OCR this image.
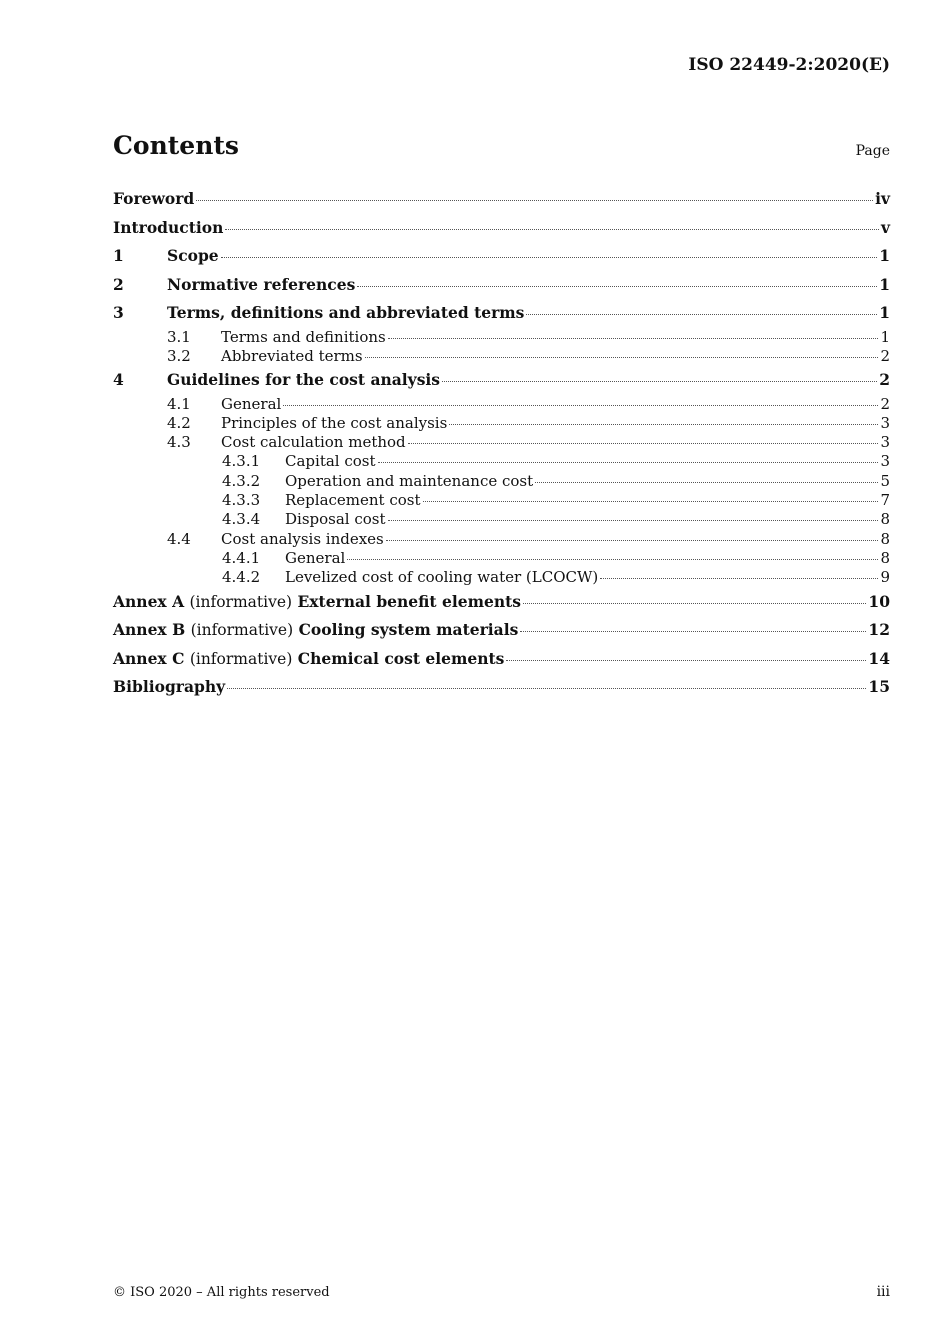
ISO 22449-2:2020(E)
Contents	Page
Foreword	iv
Introduction	v
1	Scope	1
2	Normative references	1
3	Terms, definitions and abbreviated terms	1
3.1	Terms and definitions	1
3.2	Abbreviated terms	2
4	Guidelines for the cost analysis	2
4.1	General	2
4.2	Principles of the cost analysis	3
4.3	Cost calculation method	3
4.3.1	Capital cost	3
4.3.2	Operation and maintenance cost	5
4.3.3	Replacement cost	7
4.3.4	Disposal cost	8
4.4	Cost analysis indexes	8
4.4.1	General	8
4.4.2	Levelized cost of cooling water (LCOCW)	9
Annex A (informative) External benefit elements	10
Annex B (informative) Cooling system materials	12
Annex C (informative) Chemical cost elements	14
Bibliography	15
© ISO 2020 – All rights reserved	iii
